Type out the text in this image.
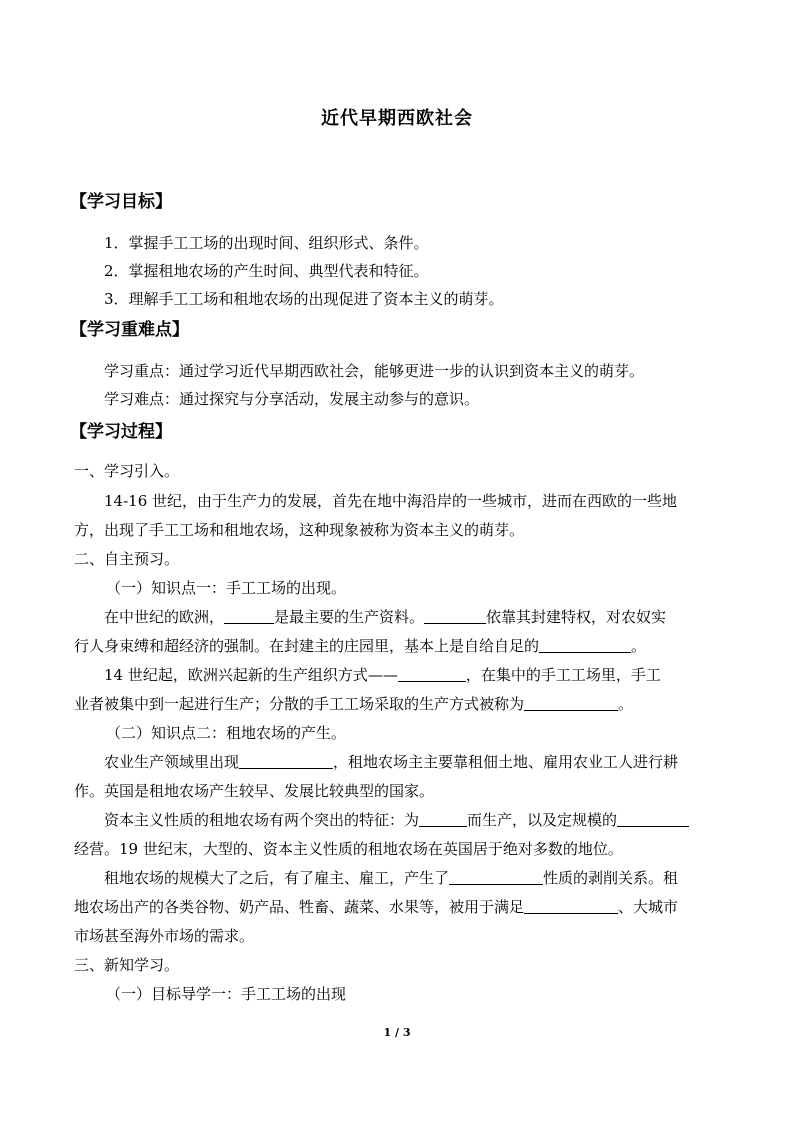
近代早期西欧社会
【学习目标】
1．掌握手工工场的出现时间、组织形式、条件。
2．掌握租地农场的产生时间、典型代表和特征。
3．理解手工工场和租地农场的出现促进了资本主义的萌芽。
【学习重难点】
学习重点：通过学习近代早期西欧社会，能够更进一步的认识到资本主义的萌芽。
学习难点：通过探究与分享活动，发展主动参与的意识。
【学习过程】
一、学习引入。
14-16 世纪，由于生产力的发展，首先在地中海沿岸的一些城市，进而在西欧的一些地
方，出现了手工工场和租地农场，这种现象被称为资本主义的萌芽。
二、自主预习。
（一）知识点一：手工工场的出现。
在中世纪的欧洲，	是最主要的生产资料。	依靠其封建特权，对农奴实
行人身束缚和超经济的强制。在封建主的庄园里，基本上是自给自足的	。
14 世纪起，欧洲兴起新的生产组织方式——	，在集中的手工工场里，手工
业者被集中到一起进行生产；分散的手工工场采取的生产方式被称为	。
（二）知识点二：租地农场的产生。
农业生产领域里出现	，租地农场主主要靠租佃土地、雇用农业工人进行耕
作。英国是租地农场产生较早、发展比较典型的国家。
资本主义性质的租地农场有两个突出的特征：为	而生产，以及定规模的
经营。19 世纪末，大型的、资本主义性质的租地农场在英国居于绝对多数的地位。
租地农场的规模大了之后，有了雇主、雇工，产生了	性质的剥削关系。租
地农场出产的各类谷物、奶产品、牲畜、蔬菜、水果等，被用于满足	、大城市
市场甚至海外市场的需求。
三、新知学习。
（一）目标导学一：手工工场的出现
1 / 3
